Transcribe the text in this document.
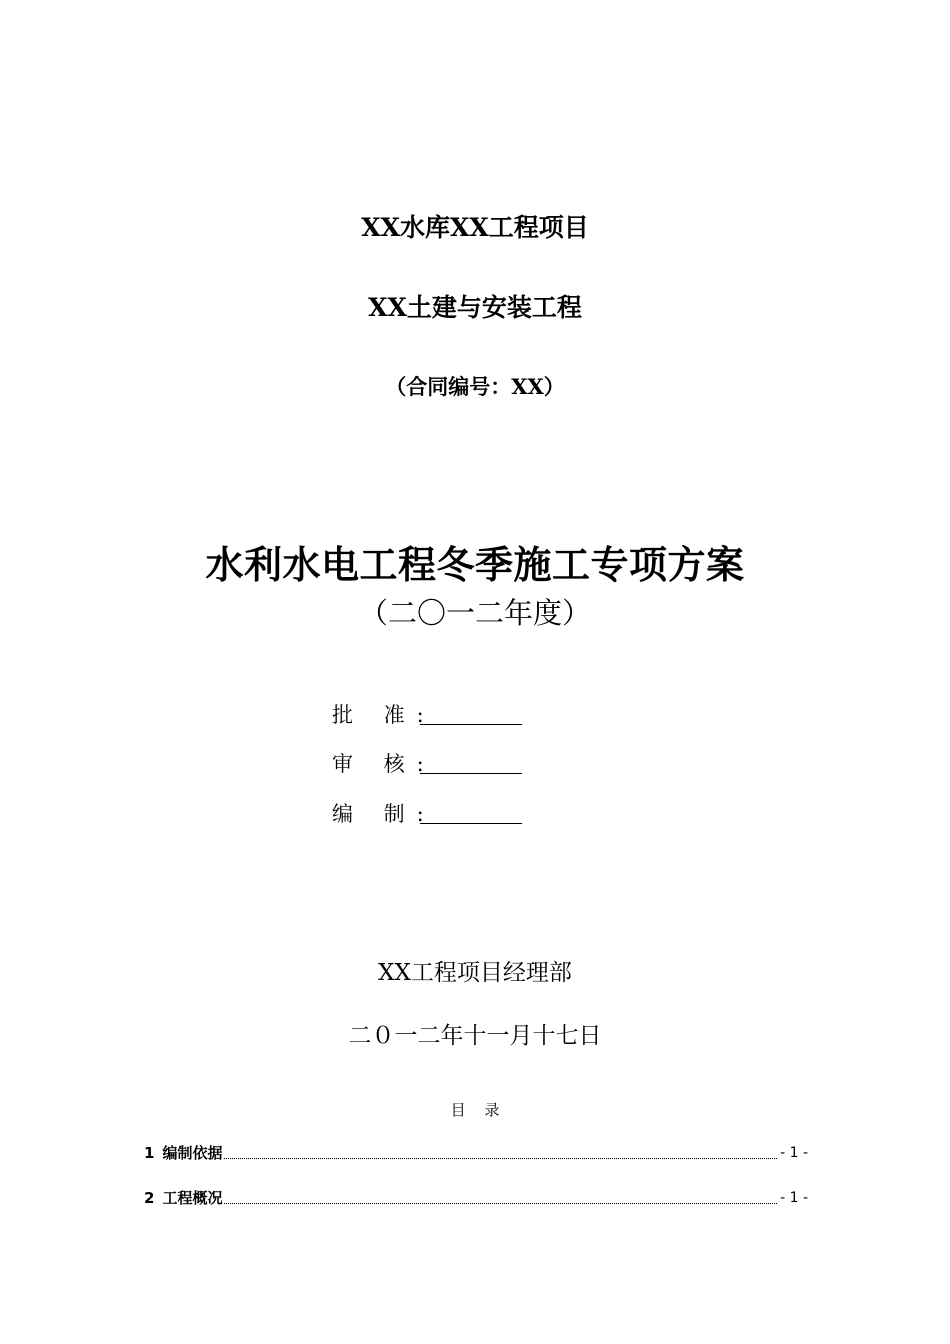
XX水库XX工程项目
XX土建与安装工程
（合同编号：XX）
水利水电工程冬季施工专项方案
（二〇一二年度）
批 准:
审 核:
编 制:
XX工程项目经理部
二０一二年十一月十七日
目 录
1 编制依据	- 1 -
2 工程概况	- 1 -
